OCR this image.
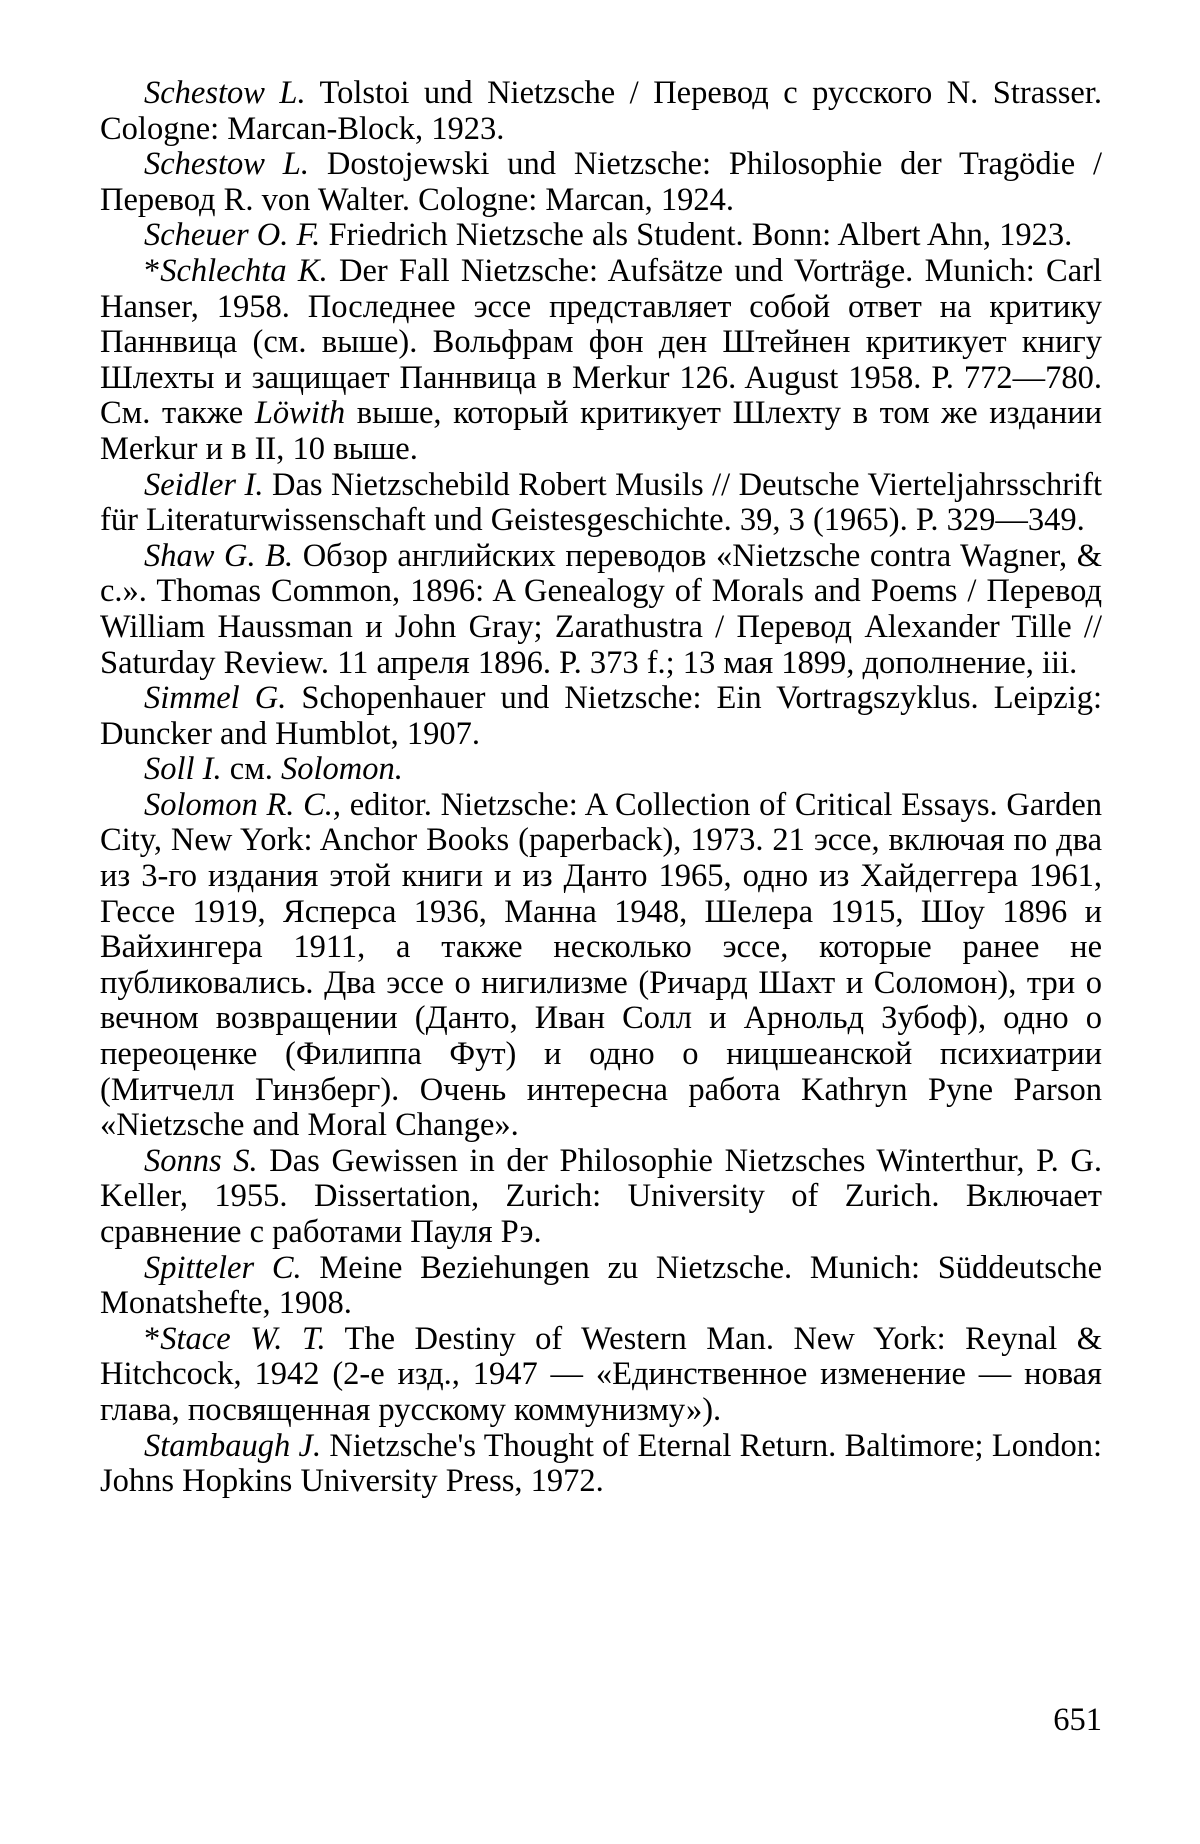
Schestow L. Tolstoi und Nietzsche / Перевод с русского N. Strasser. Cologne: Marcan-Block, 1923.

Schestow L. Dostojewski und Nietzsche: Philosophie der Tragödie / Перевод R. von Walter. Cologne: Marcan, 1924.

Scheuer O. F. Friedrich Nietzsche als Student. Bonn: Albert Ahn, 1923.

*Schlechta K. Der Fall Nietzsche: Aufsätze und Vorträge. Munich: Carl Hanser, 1958. Последнее эссе представляет собой ответ на критику Паннвица (см. выше). Вольфрам фон ден Штейнен критикует книгу Шлехты и защищает Паннвица в Merkur 126. August 1958. P. 772—780. См. также Löwith выше, который критикует Шлехту в том же издании Merkur и в II, 10 выше.

Seidler I. Das Nietzschebild Robert Musils // Deutsche Vierteljahrsschrift für Literaturwissenschaft und Geistesgeschichte. 39, 3 (1965). P. 329—349.

Shaw G. B. Обзор английских переводов «Nietzsche contra Wagner, & c.». Thomas Common, 1896: A Genealogy of Morals and Poems / Перевод William Haussman и John Gray; Zarathustra / Перевод Alexander Tille // Saturday Review. 11 апреля 1896. P. 373 f.; 13 мая 1899, дополнение, iii.

Simmel G. Schopenhauer und Nietzsche: Ein Vortragszyklus. Leipzig: Duncker and Humblot, 1907.

Soll I. см. Solomon.

Solomon R. C., editor. Nietzsche: A Collection of Critical Essays. Garden City, New York: Anchor Books (paperback), 1973. 21 эссе, включая по два из 3-го издания этой книги и из Данто 1965, одно из Хайдеггера 1961, Гессе 1919, Ясперса 1936, Манна 1948, Шелера 1915, Шоу 1896 и Вайхингера 1911, а также несколько эссе, которые ранее не публиковались. Два эссе о нигилизме (Ричард Шахт и Соломон), три о вечном возвращении (Данто, Иван Солл и Арнольд Зубоф), одно о переоценке (Филиппа Фут) и одно о ницшеанской психиатрии (Митчелл Гинзберг). Очень интересна работа Kathryn Pyne Parson «Nietzsche and Moral Change».

Sonns S. Das Gewissen in der Philosophie Nietzsches Winterthur, P. G. Keller, 1955. Dissertation, Zurich: University of Zurich. Включает сравнение с работами Пауля Рэ.

Spitteler C. Meine Beziehungen zu Nietzsche. Munich: Süddeutsche Monatshefte, 1908.

*Stace W. T. The Destiny of Western Man. New York: Reynal & Hitchcock, 1942 (2-е изд., 1947 — «Единственное изменение — новая глава, посвященная русскому коммунизму»).

Stambaugh J. Nietzsche's Thought of Eternal Return. Baltimore; London: Johns Hopkins University Press, 1972.

651
